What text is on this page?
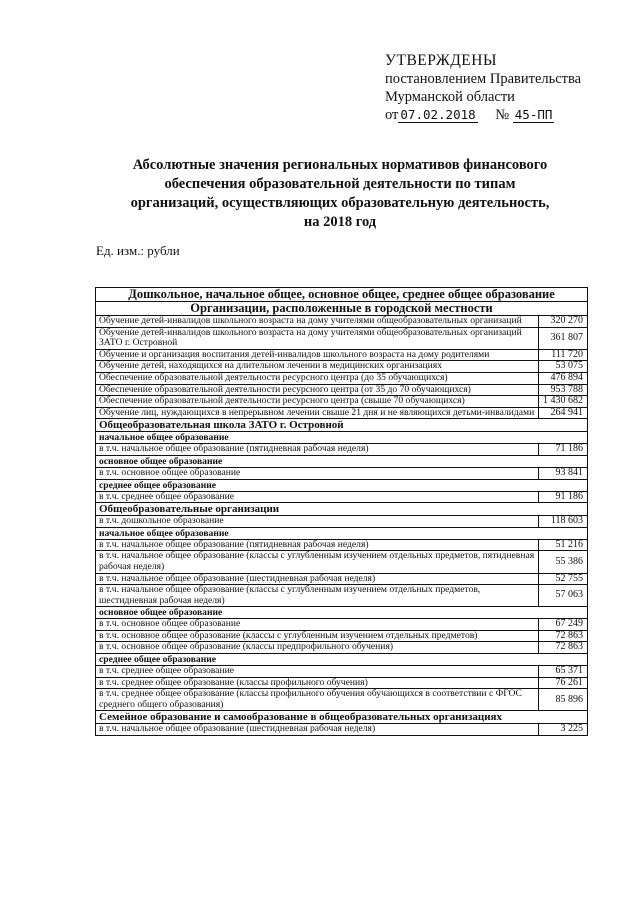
УТВЕРЖДЕНЫ
постановлением Правительства
Мурманской области
от 07.02.2018 № 45-ПП
Абсолютные значения региональных нормативов финансового
обеспечения образовательной деятельности по типам
организаций, осуществляющих образовательную деятельность,
на 2018 год
Ед. изм.: рубли
Дошкольное, начальное общее, основное общее, среднее общее образование	
Организации, расположенные в городской местности	
Обучение детей-инвалидов школьного возраста на дому учителями общеобразовательных организаций	320 270
Обучение детей-инвалидов школьного возраста на дому учителями общеобразовательных организаций ЗАТО г. Островной	361 807
Обучение и организация воспитания детей-инвалидов школьного возраста на дому родителями	111 720
Обучение детей, находящихся на длительном лечении в медицинских организациях	53 075
Обеспечение образовательной деятельности ресурсного центра (до 35 обучающихся)	476 894
Обеспечение образовательной деятельности ресурсного центра (от 35 до 70 обучающихся)	953 788
Обеспечение образовательной деятельности ресурсного центра (свыше 70 обучающихся)	1 430 682
Обучение лиц, нуждающихся в непрерывном лечении свыше 21 дня и не являющихся детьми-инвалидами	264 941
Общеобразовательная школа ЗАТО г. Островной	
начальное общее образование	
в т.ч. начальное общее образование (пятидневная рабочая неделя)	71 186
основное общее образование	
в т.ч. основное общее образование	93 841
среднее общее образование	
в т.ч. среднее общее образование	91 186
Общеобразовательные организации	
в т.ч. дошкольное образование	118 603
начальное общее образование	
в т.ч. начальное общее образование (пятидневная рабочая неделя)	51 216
в т.ч. начальное общее образование (классы с углубленным изучением отдельных предметов, пятидневная рабочая неделя)	55 386
в т.ч. начальное общее образование (шестидневная рабочая неделя)	52 755
в т.ч. начальное общее образование (классы с углубленным изучением отдельных предметов, шестидневная рабочая неделя)	57 063
основное общее образование	
в т.ч. основное общее образование	67 249
в т.ч. основное общее образование (классы с углубленным изучением отдельных предметов)	72 863
в т.ч. основное общее образование (классы предпрофильного обучения)	72 863
среднее общее образование	
в т.ч. среднее общее образование	65 371
в т.ч. среднее общее образование (классы профильного обучения)	76 261
в т.ч. среднее общее образование (классы профильного обучения обучающихся в соответствии с ФГОС среднего общего образования)	85 896
Семейное образование и самообразование в общеобразовательных организациях	
в т.ч. начальное общее образование (шестидневная рабочая неделя)	3 225
